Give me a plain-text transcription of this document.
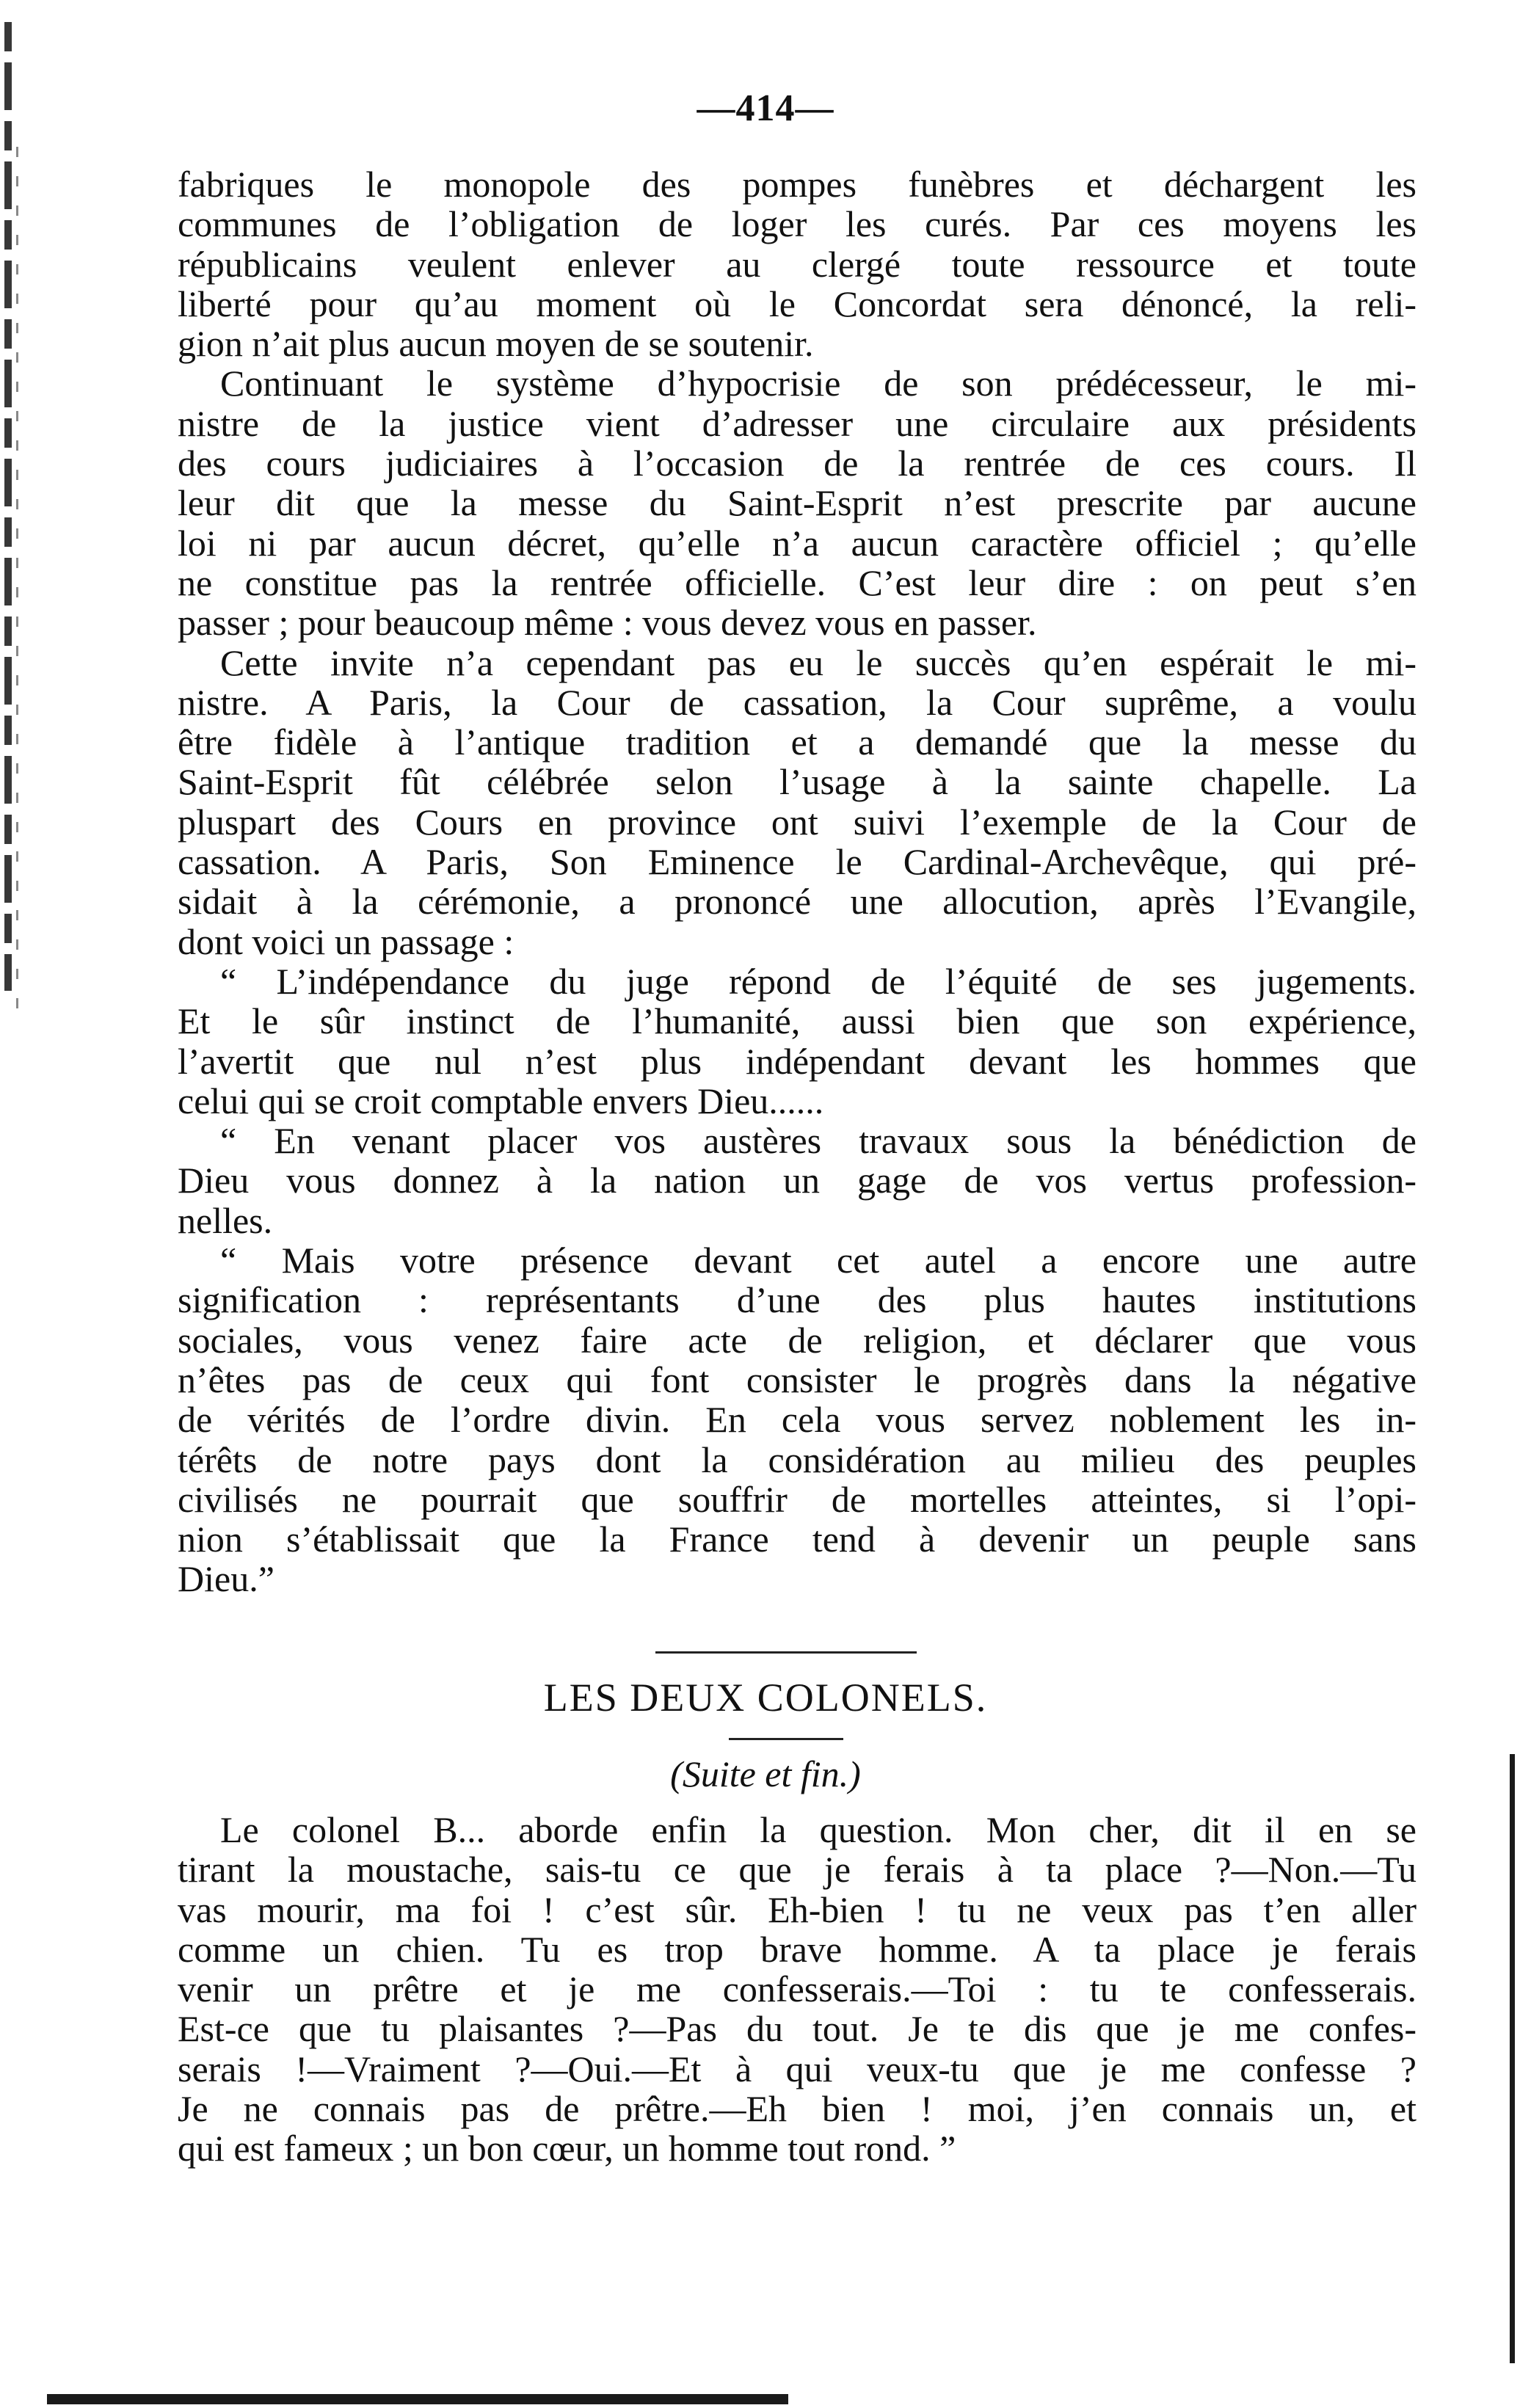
—414—

fabriques le monopole des pompes funèbres et déchargent les

communes de l’obligation de loger les curés. Par ces moyens les

républicains veulent enlever au clergé toute ressource et toute

liberté pour qu’au moment où le Concordat sera dénoncé, la reli-

gion n’ait plus aucun moyen de se soutenir.

Continuant le système d’hypocrisie de son prédécesseur, le mi-

nistre de la justice vient d’adresser une circulaire aux présidents

des cours judiciaires à l’occasion de la rentrée de ces cours. Il

leur dit que la messe du Saint-Esprit n’est prescrite par aucune

loi ni par aucun décret, qu’elle n’a aucun caractère officiel ; qu’elle

ne constitue pas la rentrée officielle. C’est leur dire : on peut s’en

passer ; pour beaucoup même : vous devez vous en passer.

Cette invite n’a cependant pas eu le succès qu’en espérait le mi-

nistre. A Paris, la Cour de cassation, la Cour suprême, a voulu

être fidèle à l’antique tradition et a demandé que la messe du

Saint-Esprit fût célébrée selon l’usage à la sainte chapelle. La

pluspart des Cours en province ont suivi l’exemple de la Cour de

cassation. A Paris, Son Eminence le Cardinal-Archevêque, qui pré-

sidait à la cérémonie, a prononcé une allocution, après l’Evangile,

dont voici un passage :

“ L’indépendance du juge répond de l’équité de ses jugements.

Et le sûr instinct de l’humanité, aussi bien que son expérience,

l’avertit que nul n’est plus indépendant devant les hommes que

celui qui se croit comptable envers Dieu......

“ En venant placer vos austères travaux sous la bénédiction de

Dieu vous donnez à la nation un gage de vos vertus profession-

nelles.

“ Mais votre présence devant cet autel a encore une autre

signification : représentants d’une des plus hautes institutions

sociales, vous venez faire acte de religion, et déclarer que vous

n’êtes pas de ceux qui font consister le progrès dans la négative

de vérités de l’ordre divin. En cela vous servez noblement les in-

térêts de notre pays dont la considération au milieu des peuples

civilisés ne pourrait que souffrir de mortelles atteintes, si l’opi-

nion s’établissait que la France tend à devenir un peuple sans

Dieu.”

LES DEUX COLONELS.
(Suite et fin.)

Le colonel B... aborde enfin la question. Mon cher, dit il en se

tirant la moustache, sais-tu ce que je ferais à ta place ?—Non.—Tu

vas mourir, ma foi ! c’est sûr. Eh-bien ! tu ne veux pas t’en aller

comme un chien. Tu es trop brave homme. A ta place je ferais

venir un prêtre et je me confesserais.—Toi : tu te confesserais.

Est-ce que tu plaisantes ?—Pas du tout. Je te dis que je me confes-

serais !—Vraiment ?—Oui.—Et à qui veux-tu que je me confesse ?

Je ne connais pas de prêtre.—Eh bien ! moi, j’en connais un, et

qui est fameux ; un bon cœur, un homme tout rond. ”
